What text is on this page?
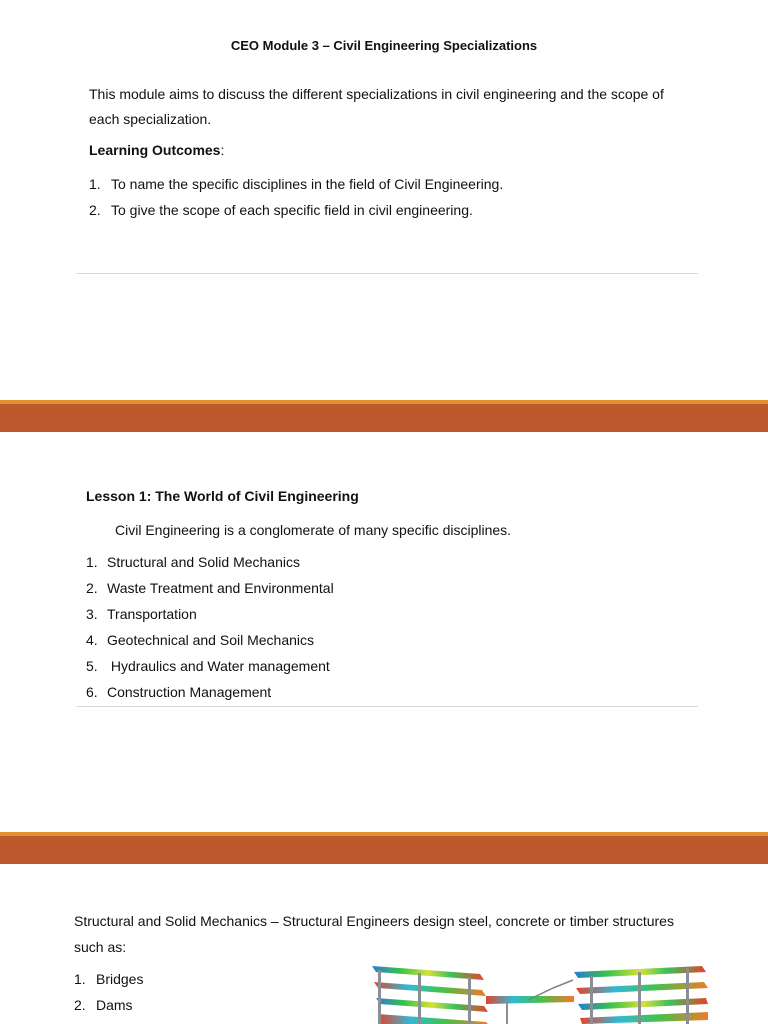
CEO Module 3 – Civil Engineering Specializations
This module aims to discuss the different specializations in civil engineering and the scope of each specialization.
Learning Outcomes:
1. To name the specific disciplines in the field of Civil Engineering.
2. To give the scope of each specific field in civil engineering.
Lesson 1: The World of Civil Engineering
Civil Engineering is a conglomerate of many specific disciplines.
1. Structural and Solid Mechanics
2. Waste Treatment and Environmental
3. Transportation
4. Geotechnical and Soil Mechanics
5. Hydraulics and Water management
6. Construction Management
Structural and Solid Mechanics – Structural Engineers design steel, concrete or timber structures such as:
1. Bridges
2. Dams
